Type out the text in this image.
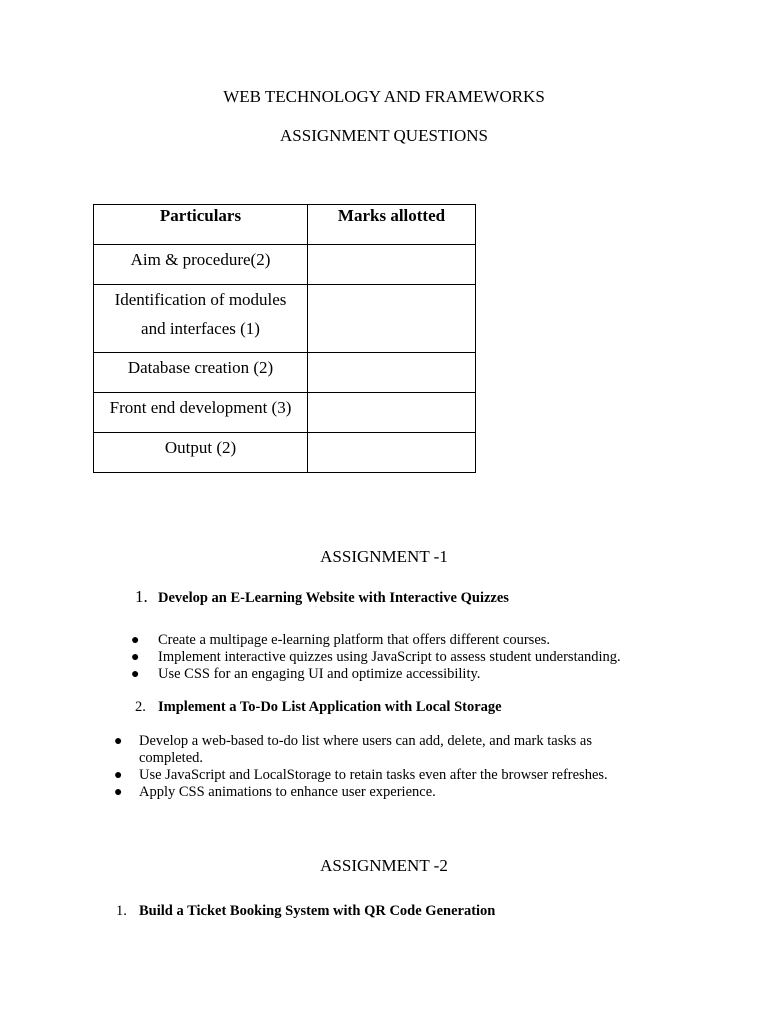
WEB TECHNOLOGY AND FRAMEWORKS
ASSIGNMENT QUESTIONS
Particulars	Marks allotted

Aim & procedure(2)	

Identification of modules
and interfaces (1)	

Database creation (2)	

Front end development (3)	

Output (2)	

ASSIGNMENT -1
1. Develop an E-Learning Website with Interactive Quizzes
● Create a multipage e-learning platform that offers different courses.
● Implement interactive quizzes using JavaScript to assess student understanding.
● Use CSS for an engaging UI and optimize accessibility.
2. Implement a To-Do List Application with Local Storage
● Develop a web-based to-do list where users can add, delete, and mark tasks as completed.
● Use JavaScript and LocalStorage to retain tasks even after the browser refreshes.
● Apply CSS animations to enhance user experience.
ASSIGNMENT -2
1. Build a Ticket Booking System with QR Code Generation
